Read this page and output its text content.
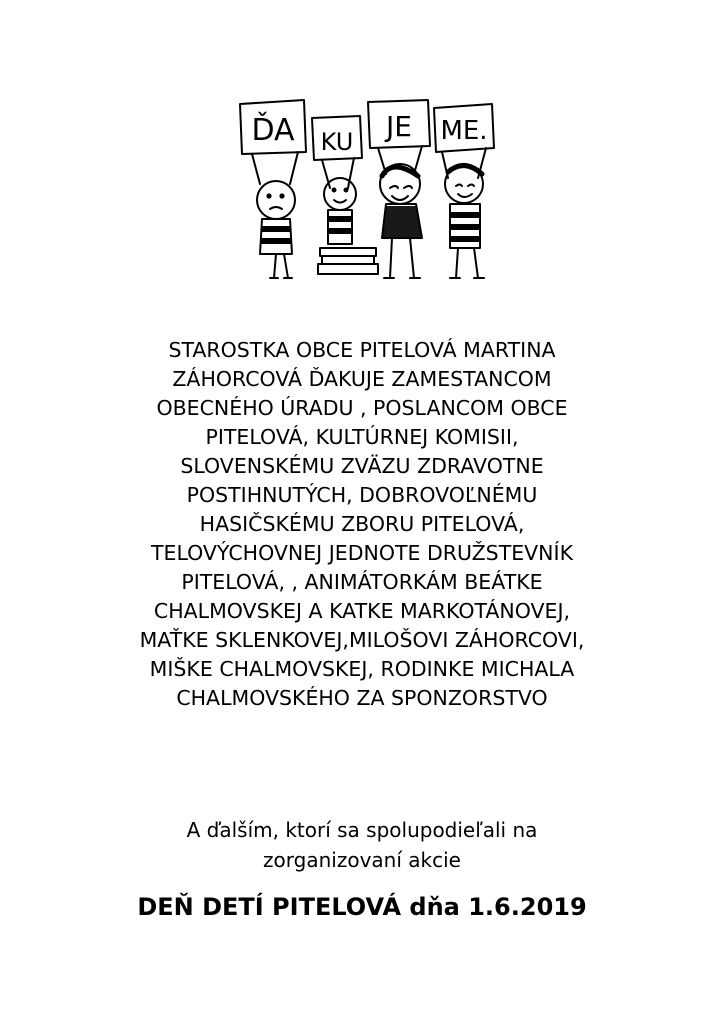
ĎA KU JE ME.

STAROSTKA OBCE PITELOVÁ MARTINA
ZÁHORCOVÁ ĎAKUJE ZAMESTANCOM
OBECNÉHO ÚRADU , POSLANCOM OBCE
PITELOVÁ, KULTÚRNEJ KOMISII,
SLOVENSKÉMU ZVÄZU ZDRAVOTNE
POSTIHNUTÝCH, DOBROVOĽNÉMU
HASIČSKÉMU ZBORU PITELOVÁ,
TELOVÝCHOVNEJ JEDNOTE DRUŽSTEVNÍK
PITELOVÁ, , ANIMÁTORKÁM BEÁTKE
CHALMOVSKEJ A KATKE MARKOTÁNOVEJ,
MAŤKE SKLENKOVEJ,MILOŠOVI ZÁHORCOVI,
MIŠKE CHALMOVSKEJ, RODINKE MICHALA
CHALMOVSKÉHO ZA SPONZORSTVO

A ďalším, ktorí sa spolupodieľali na
zorganizovaní akcie

DEŇ DETÍ PITELOVÁ dňa 1.6.2019
